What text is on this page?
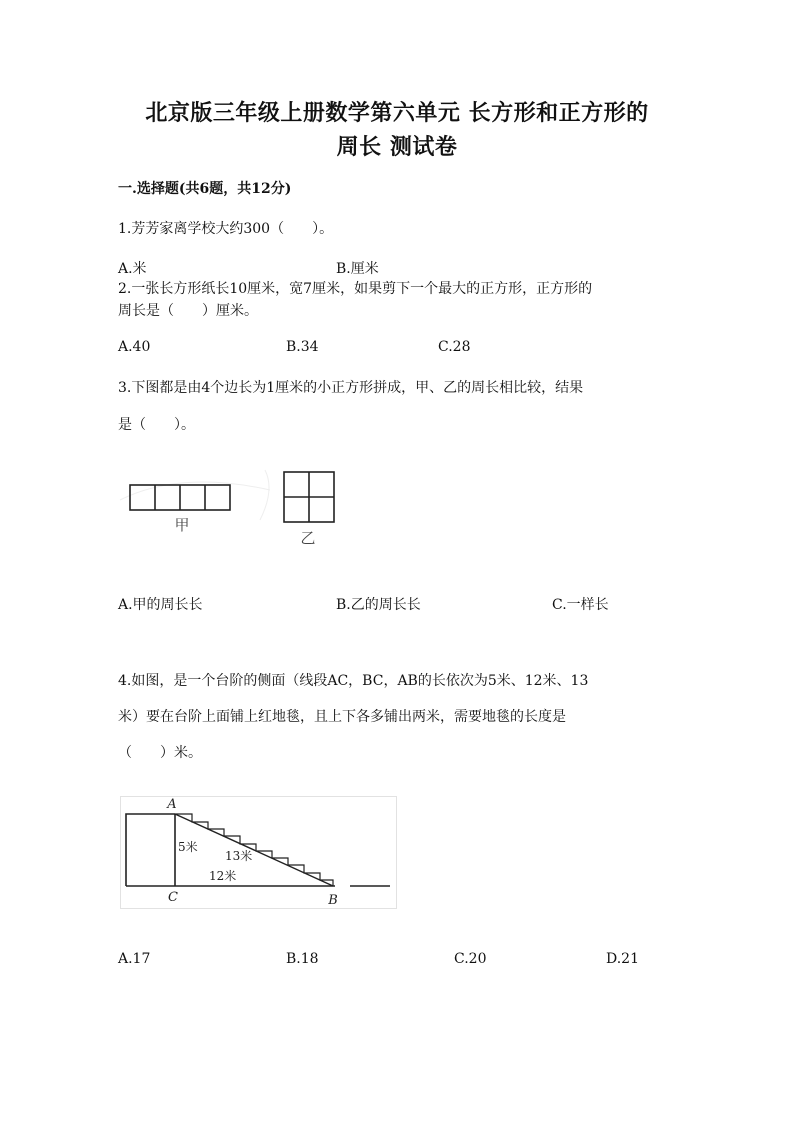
北京版三年级上册数学第六单元 长方形和正方形的
周长 测试卷
一.选择题(共6题，共12分)
1.芳芳家离学校大约300（　　）。
A.米	B.厘米
2.一张长方形纸长10厘米，宽7厘米，如果剪下一个最大的正方形，正方形的
周长是（　　）厘米。
A.40	B.34	C.28
3.下图都是由4个边长为1厘米的小正方形拼成，甲、乙的周长相比较，结果
是（　　）。
甲
乙
A.甲的周长长	B.乙的周长长	C.一样长
4.如图，是一个台阶的侧面（线段AC，BC，AB的长依次为5米、12米、13
米）要在台阶上面铺上红地毯，且上下各多铺出两米，需要地毯的长度是
（　　）米。
A
C	B
5米
13米
12米
A.17	B.18	C.20	D.21
